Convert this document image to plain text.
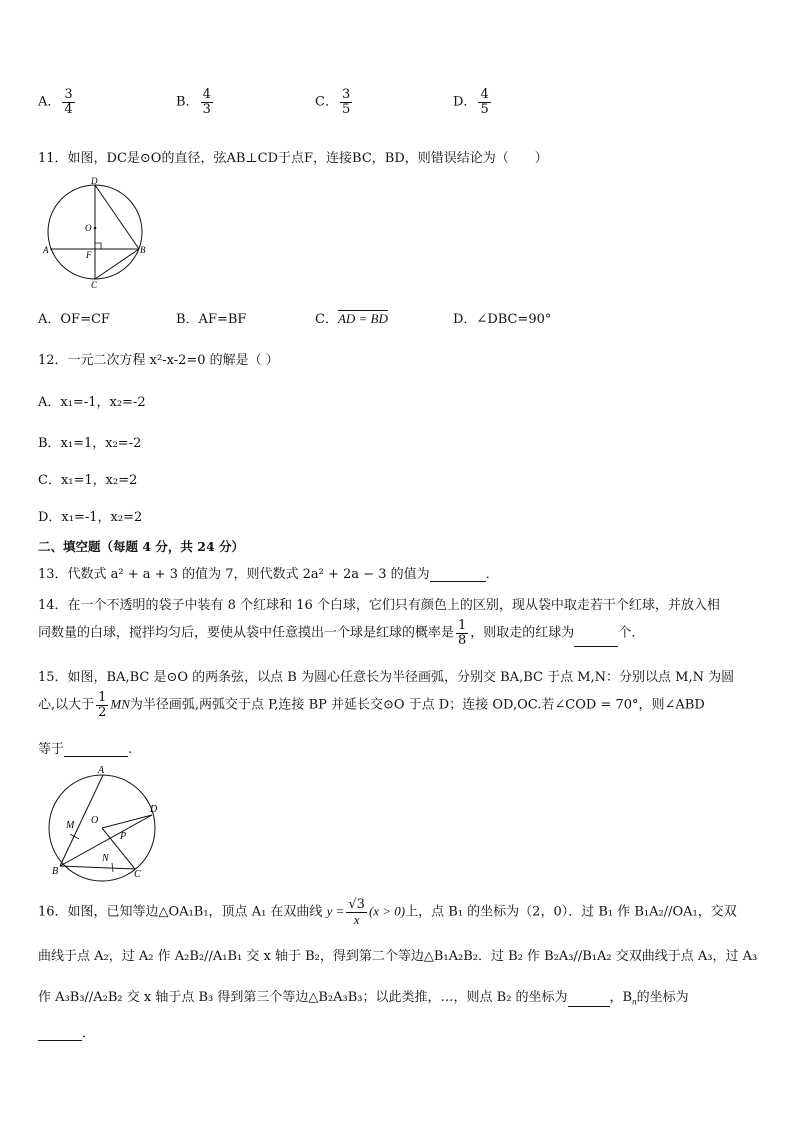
A． $\frac{3}{4}$	B． $\frac{4}{3}$	C． $\frac{3}{5}$	D． $\frac{4}{5}$
11．如图，DC是⊙O的直径，弦AB⊥CD于点F，连接BC，BD，则错误结论为（　　）
D
O
A	F	B
C
A．OF=CF	B．AF=BF	C．AD = BD	D．∠DBC=90°
12．一元二次方程 x²-x-2=0 的解是（ ）
A．x₁=-1，x₂=-2
B．x₁=1，x₂=-2
C．x₁=1，x₂=2
D．x₁=-1，x₂=2
二、填空题（每题 4 分，共 24 分）
13．代数式 a² + a + 3 的值为 7，则代数式 2a² + 2a − 3 的值为	．
14．在一个不透明的袋子中装有 8 个红球和 16 个白球，它们只有颜色上的区别，现从袋中取走若干个红球，并放入相
同数量的白球，搅拌均匀后，要使从袋中任意摸出一个球是红球的概率是 $\frac{1}{8}$ ，则取走的红球为	个．
15．如图，BA,BC 是⊙O 的两条弦，以点 B 为圆心任意长为半径画弧，分别交 BA,BC 于点 M,N：分别以点 M,N 为圆
心,以大于 $\frac{1}{2}$ MN为半径画弧,两弧交于点 P,连接 BP 并延长交⊙O 于点 D；连接 OD,OC.若∠COD = 70°，则∠ABD
等于	.
A
M O
D
P
N
B	C
16．如图，已知等边△OA₁B₁，顶点 A₁ 在双曲线 $y = \frac{√3}{x} (x > 0)$上，点 B₁ 的坐标为（2，0）．过 B₁ 作 B₁A₂//OA₁，交双
曲线于点 A₂，过 A₂ 作 A₂B₂//A₁B₁ 交 x 轴于 B₂，得到第二个等边△B₁A₂B₂．过 B₂ 作 B₂A₃//B₁A₂ 交双曲线于点 A₃，过 A₃
作 A₃B₃//A₂B₂ 交 x 轴于点 B₃ 得到第三个等边△B₂A₃B₃；以此类推，…，则点 B₂ 的坐标为	，$B_n$的坐标为
．
